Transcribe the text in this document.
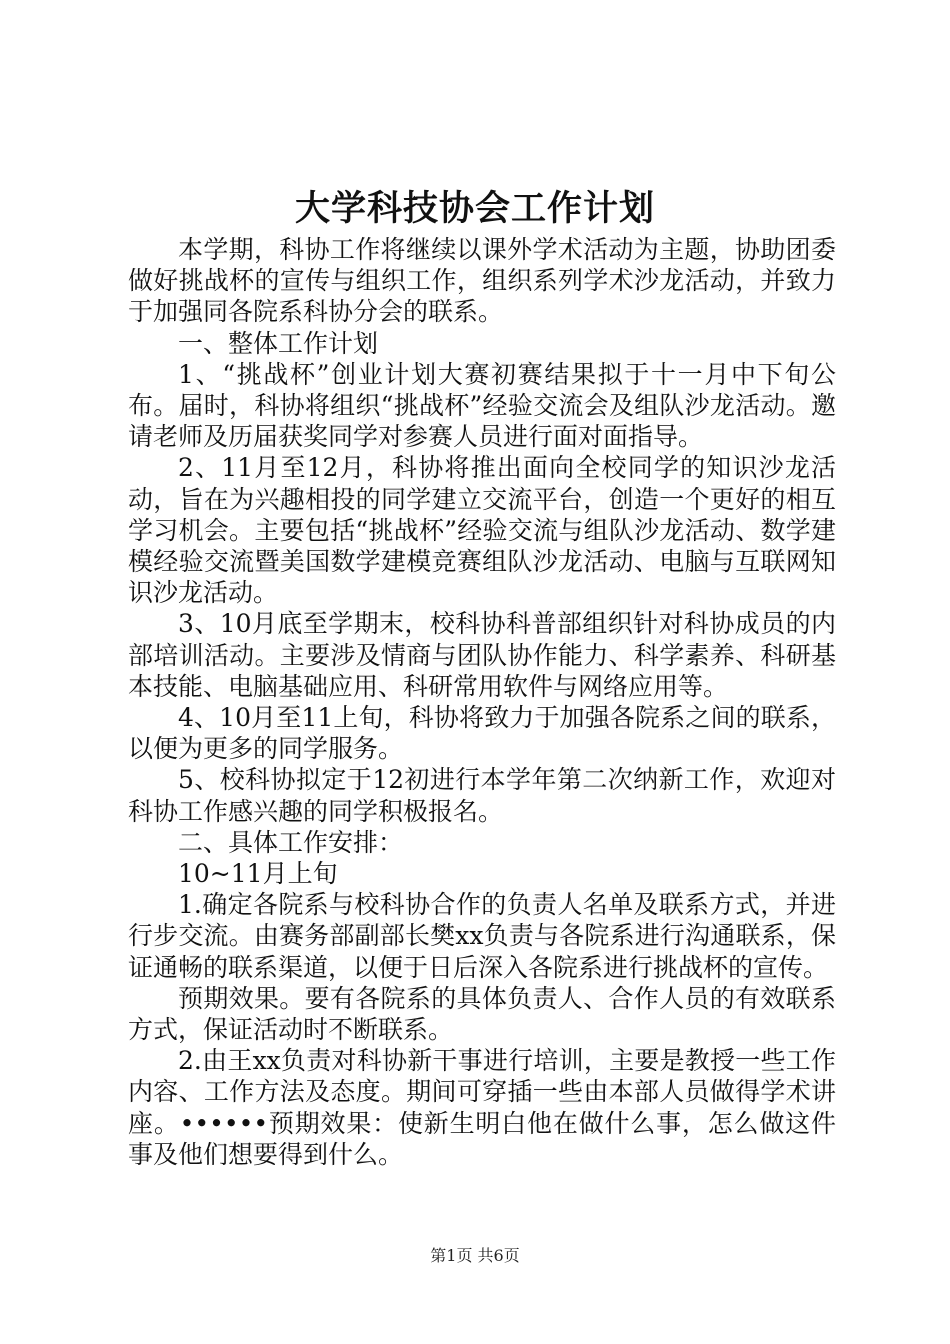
大学科技协会工作计划

本学期，科协工作将继续以课外学术活动为主题，协助团委做好挑战杯的宣传与组织工作，组织系列学术沙龙活动，并致力于加强同各院系科协分会的联系。

一、整体工作计划

1、“挑战杯”创业计划大赛初赛结果拟于十一月中下旬公布。届时，科协将组织“挑战杯”经验交流会及组队沙龙活动。邀请老师及历届获奖同学对参赛人员进行面对面指导。

2、11月至12月，科协将推出面向全校同学的知识沙龙活动，旨在为兴趣相投的同学建立交流平台，创造一个更好的相互学习机会。主要包括“挑战杯”经验交流与组队沙龙活动、数学建模经验交流暨美国数学建模竞赛组队沙龙活动、电脑与互联网知识沙龙活动。

3、10月底至学期末，校科协科普部组织针对科协成员的内部培训活动。主要涉及情商与团队协作能力、科学素养、科研基本技能、电脑基础应用、科研常用软件与网络应用等。

4、10月至11上旬，科协将致力于加强各院系之间的联系，以便为更多的同学服务。

5、校科协拟定于12初进行本学年第二次纳新工作，欢迎对科协工作感兴趣的同学积极报名。

二、具体工作安排：

10~11月上旬

1.确定各院系与校科协合作的负责人名单及联系方式，并进行步交流。由赛务部副部长樊xx负责与各院系进行沟通联系，保证通畅的联系渠道，以便于日后深入各院系进行挑战杯的宣传。

预期效果。要有各院系的具体负责人、合作人员的有效联系方式，保证活动时不断联系。

2.由王xx负责对科协新干事进行培训，主要是教授一些工作内容、工作方法及态度。期间可穿插一些由本部人员做得学术讲座。••••••预期效果：使新生明白他在做什么事，怎么做这件事及他们想要得到什么。

第1页 共6页
